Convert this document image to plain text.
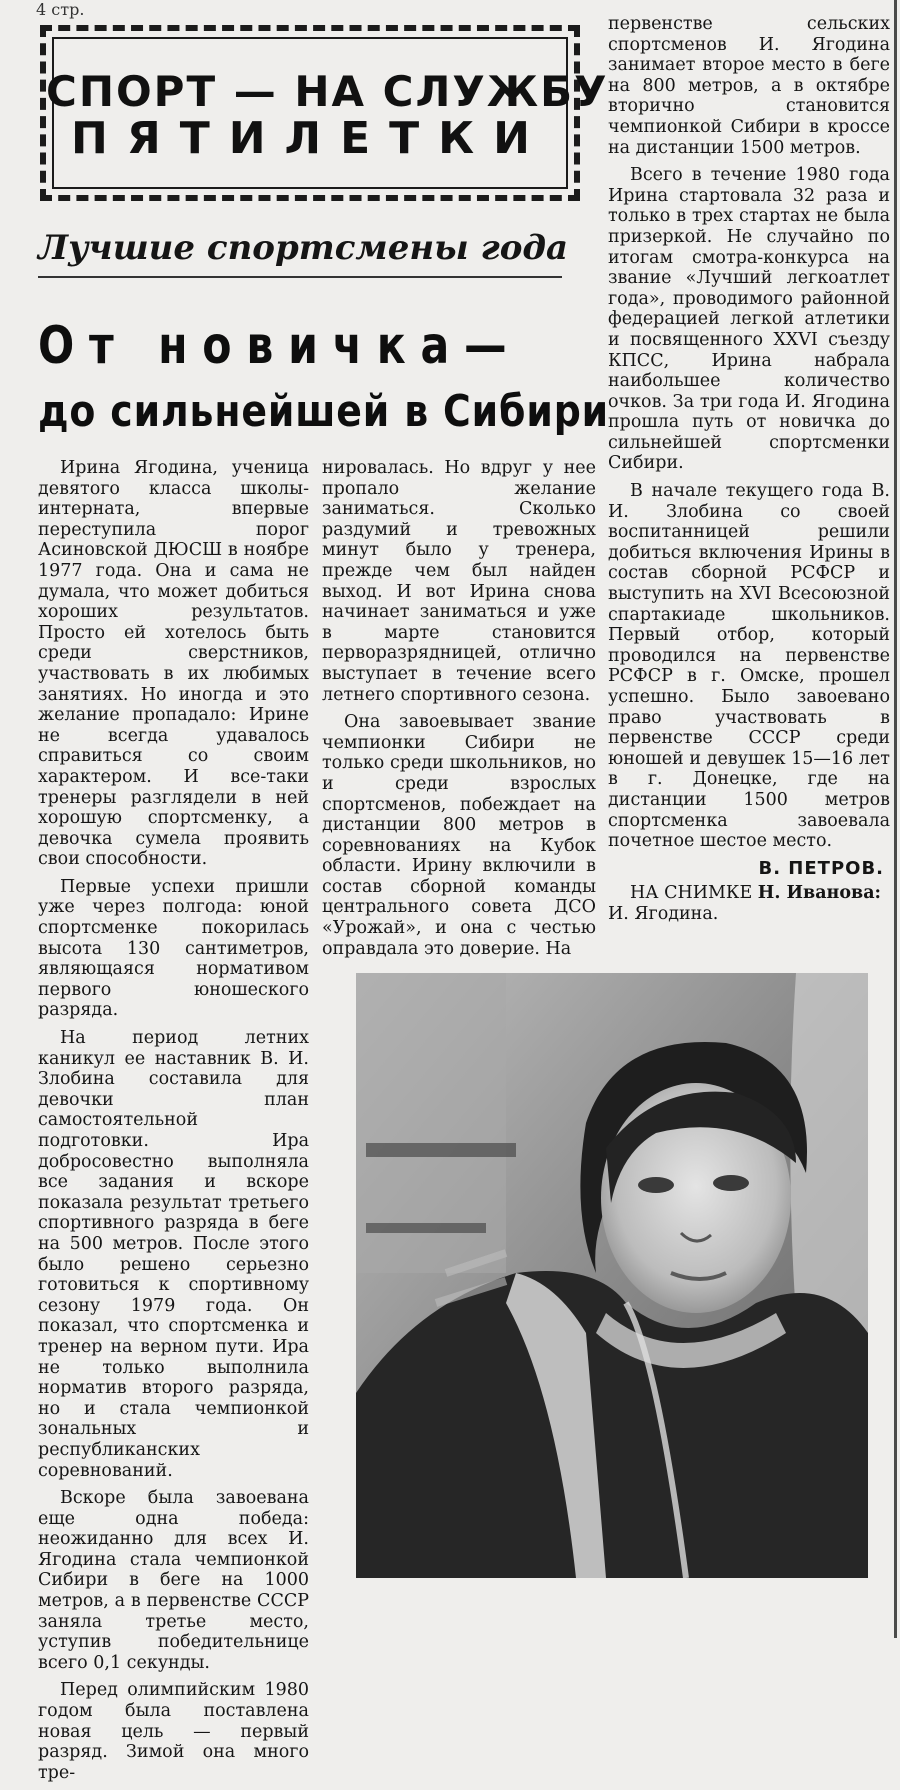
4 стр.
СПОРТ — НА СЛУЖБУ
ПЯТИЛЕТКИ
Лучшие спортсмены года
От новичка—
до сильнейшей в Сибири

Ирина Ягодина, ученица девятого класса школы-интерната, впервые переступила порог Асиновской ДЮСШ в ноябре 1977 года. Она и сама не думала, что может добиться хороших результатов. Просто ей хотелось быть среди сверстников, участвовать в их любимых занятиях. Но иногда и это желание пропадало: Ирине не всегда удавалось справиться со своим характером. И все-таки тренеры разглядели в ней хорошую спортсменку, а девочка сумела проявить свои способности.

Первые успехи пришли уже через полгода: юной спортсменке покорилась высота 130 сантиметров, являющаяся нормативом первого юношеского разряда.

На период летних каникул ее наставник В. И. Злобина составила для девочки план самостоятельной подготовки. Ира добросовестно выполняла все задания и вскоре показала результат третьего спортивного разряда в беге на 500 метров. После этого было решено серьезно готовиться к спортивному сезону 1979 года. Он показал, что спортсменка и тренер на верном пути. Ира не только выполнила норматив второго разряда, но и стала чемпионкой зональных и республиканских соревнований.

Вскоре была завоевана еще одна победа: неожиданно для всех И. Ягодина стала чемпионкой Сибири в беге на 1000 метров, а в первенстве СССР заняла третье место, уступив победительнице всего 0,1 секунды.

Перед олимпийским 1980 годом была поставлена новая цель — первый разряд. Зимой она много тре-

нировалась. Но вдруг у нее пропало желание заниматься. Сколько раздумий и тревожных минут было у тренера, прежде чем был найден выход. И вот Ирина снова начинает заниматься и уже в марте становится перворазрядницей, отлично выступает в течение всего летнего спортивного сезона.

Она завоевывает звание чемпионки Сибири не только среди школьников, но и среди взрослых спортсменов, побеждает на дистанции 800 метров в соревнованиях на Кубок области. Ирину включили в состав сборной команды центрального совета ДСО «Урожай», и она с честью оправдала это доверие. На

первенстве сельских спортсменов И. Ягодина занимает второе место в беге на 800 метров, а в октябре вторично становится чемпионкой Сибири в кроссе на дистанции 1500 метров.

Всего в течение 1980 года Ирина стартовала 32 раза и только в трех стартах не была призеркой. Не случайно по итогам смотра-конкурса на звание «Лучший легкоатлет года», проводимого районной федерацией легкой атлетики и посвященного XXVI съезду КПСС, Ирина набрала наибольшее количество очков. За три года И. Ягодина прошла путь от новичка до сильнейшей спортсменки Сибири.

В начале текущего года В. И. Злобина со своей воспитанницей решили добиться включения Ирины в состав сборной РСФСР и выступить на XVI Всесоюзной спартакиаде школьников. Первый отбор, который проводился на первенстве РСФСР в г. Омске, прошел успешно. Было завоевано право участвовать в первенстве СССР среди юношей и девушек 15—16 лет в г. Донецке, где на дистанции 1500 метров спортсменка завоевала почетное шестое место.

В. ПЕТРОВ.
НА СНИМКЕ Н. Иванова: И. Ягодина.
